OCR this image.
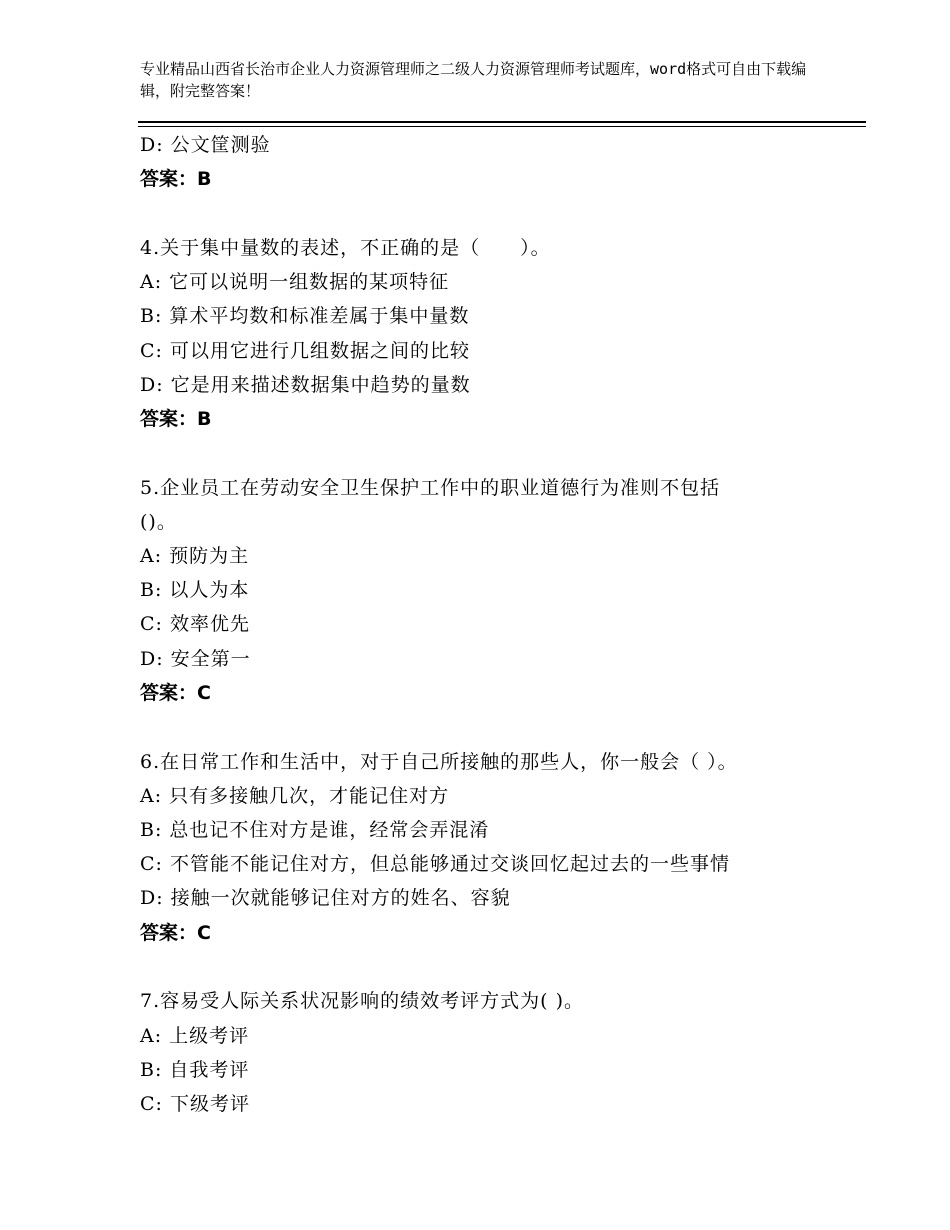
专业精品山西省长治市企业人力资源管理师之二级人力资源管理师考试题库，word格式可自由下载编辑，附完整答案！
D: 公文筐测验
答案：B
4.关于集中量数的表述，不正确的是（　　）。
A: 它可以说明一组数据的某项特征
B: 算术平均数和标准差属于集中量数
C: 可以用它进行几组数据之间的比较
D: 它是用来描述数据集中趋势的量数
答案：B
5.企业员工在劳动安全卫生保护工作中的职业道德行为准则不包括
()。
A: 预防为主
B: 以人为本
C: 效率优先
D: 安全第一
答案：C
6.在日常工作和生活中，对于自己所接触的那些人，你一般会（ ）。
A: 只有多接触几次，才能记住对方
B: 总也记不住对方是谁，经常会弄混淆
C: 不管能不能记住对方，但总能够通过交谈回忆起过去的一些事情
D: 接触一次就能够记住对方的姓名、容貌
答案：C
7.容易受人际关系状况影响的绩效考评方式为( )。
A: 上级考评
B: 自我考评
C: 下级考评
